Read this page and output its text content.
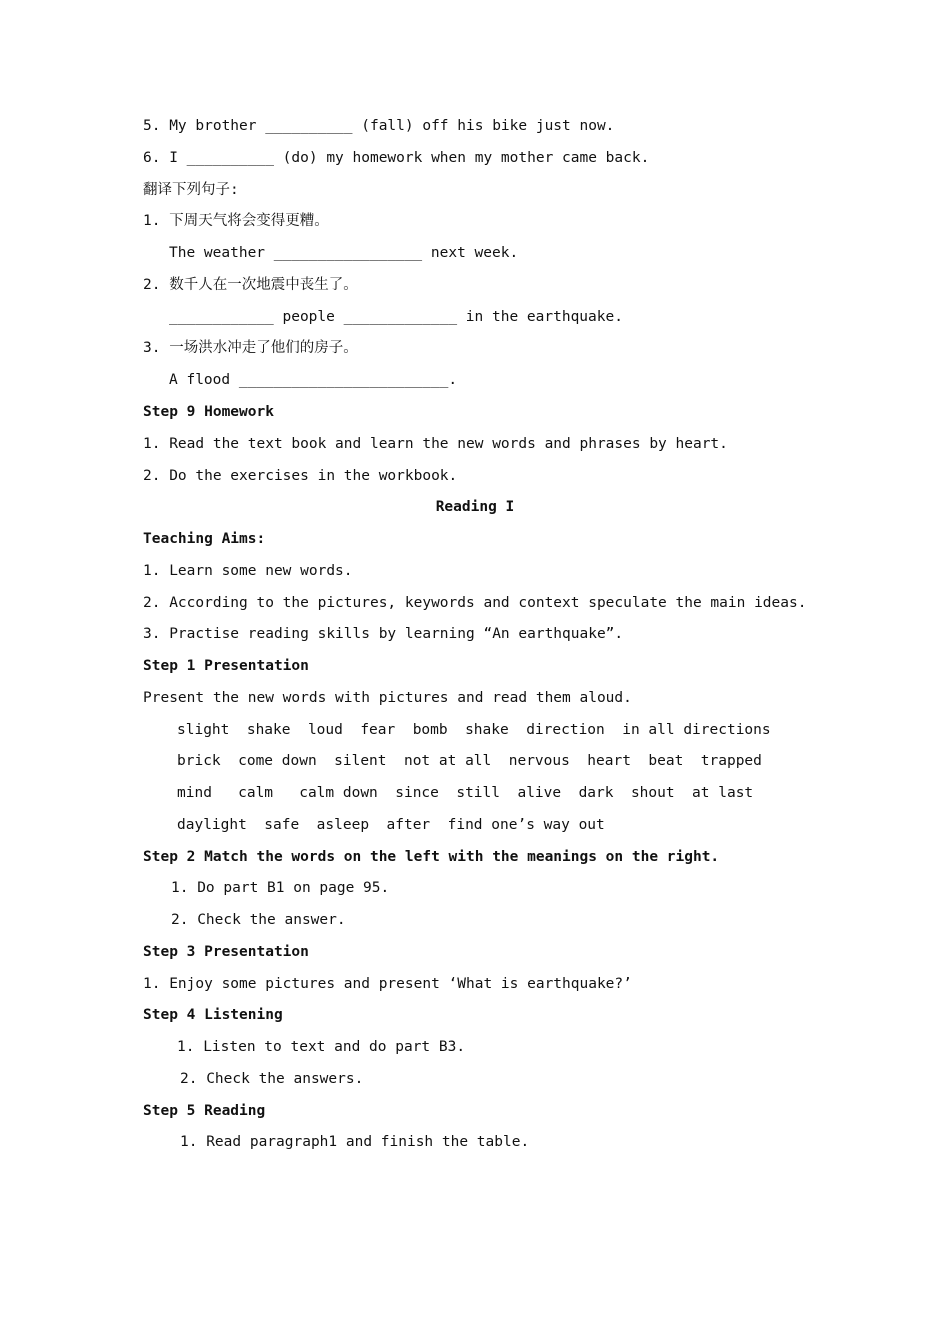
5. My brother __________ (fall) off his bike just now.
6. I __________ (do) my homework when my mother came back.
翻译下列句子:
1. 下周天气将会变得更糟。
The weather _________________ next week.
2. 数千人在一次地震中丧生了。
____________ people _____________ in the earthquake.
3. 一场洪水冲走了他们的房子。
A flood ________________________.
Step 9 Homework
1. Read the text book and learn the new words and phrases by heart.
2. Do the exercises in the workbook.
Reading I
Teaching Aims:
1. Learn some new words.
2. According to the pictures, keywords and context speculate the main ideas.
3. Practise reading skills by learning “An earthquake”.
Step 1 Presentation
Present the new words with pictures and read them aloud.
slight  shake  loud  fear  bomb  shake  direction  in all directions
brick  come down  silent  not at all  nervous  heart  beat  trapped
mind   calm   calm down  since  still  alive  dark  shout  at last
daylight  safe  asleep  after  find one’s way out
Step 2 Match the words on the left with the meanings on the right.
1. Do part B1 on page 95.
2. Check the answer.
Step 3 Presentation
1. Enjoy some pictures and present ‘What is earthquake?’
Step 4 Listening
1. Listen to text and do part B3.
2. Check the answers.
Step 5 Reading
1. Read paragraph1 and finish the table.
